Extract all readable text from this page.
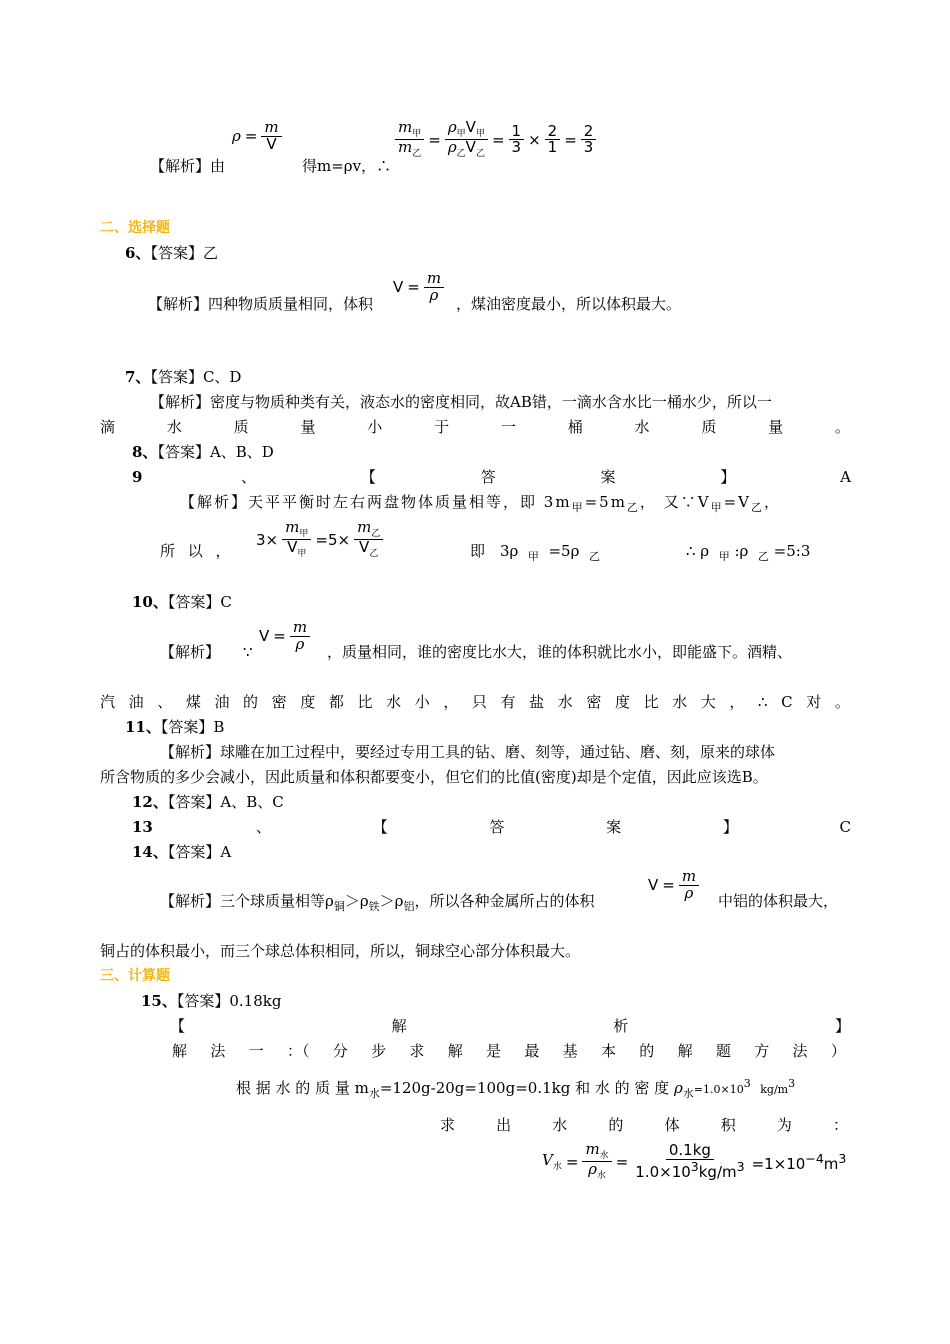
$\rho = \frac{m}{V}$
【解析】由	得m=ρv，∴
$\frac{m_甲}{m_乙} = \frac{\rho_甲V_甲}{\rho_乙V_乙} = \frac{1}{3} \times \frac{2}{1} = \frac{2}{3}$
二、选择题
6、【答案】乙
【解析】四种物质质量相同，体积
$V = \frac{m}{\rho}$
，煤油密度最小，所以体积最大。
7、【答案】C、D
【解析】密度与物质种类有关，液态水的密度相同，故AB错，一滴水含水比一桶水少，所以一
滴	水	质	量	小	于	一	桶	水	质	量	。
8、【答案】A、B、D
9	、	【	答	案	】	A
【解析】天平平衡时左右两盘物体质量相等，即 $3m_甲=5m_乙$， 又$\because V_甲=V_乙$，
所 以 ，
$3\times \frac{m_甲}{V_甲} =5\times \frac{m_乙}{V_乙}$	即 3ρ $_甲$ =5ρ $_乙$	∴ ρ $_甲$ :ρ $_乙$ =5:3
10、【答案】C
【解析】 ∵
$V = \frac{m}{\rho}$ ，质量相同，谁的密度比水大，谁的体积就比水小，即能盛下。酒精、
汽 油 、 煤 油 的 密 度 都 比 水 小 ， 只 有 盐 水 密 度 比 水 大 ， ∴ C 对 。
11、【答案】B
【解析】球雕在加工过程中，要经过专用工具的钻、磨、刻等，通过钻、磨、刻，原来的球体
所含物质的多少会减小，因此质量和体积都要变小，但它们的比值(密度)却是个定值，因此应该选B。
12、【答案】A、B、C
13	、	【	答	案	】	C
14、【答案】A
【解析】三个球质量相等$\rho_铜>\rho_铁>\rho_铝$，所以各种金属所占的体积
$V = \frac{m}{\rho}$ 中铝的体积最大，
铜占的体积最小，而三个球总体积相同，所以，铜球空心部分体积最大。
三、计算题
15、【答案】0.18kg
【	解	析	】
解 法 一 ：（ 分 步 求 解 是 最 基 本 的 解 题 方 法 ）
根 据 水 的 质 量 $m_水=120g-20g=100g=0.1kg$ 和 水 的 密 度 $\rho_水=1.0\times 10^3$ $kg/m^3$
求	出	水	的	体	积	为	：
$V_水 = \frac{m_水}{\rho_水} = \frac{0.1kg}{1.0\times 10^3kg/m^3} =1\times 10^{-4}m^3$
